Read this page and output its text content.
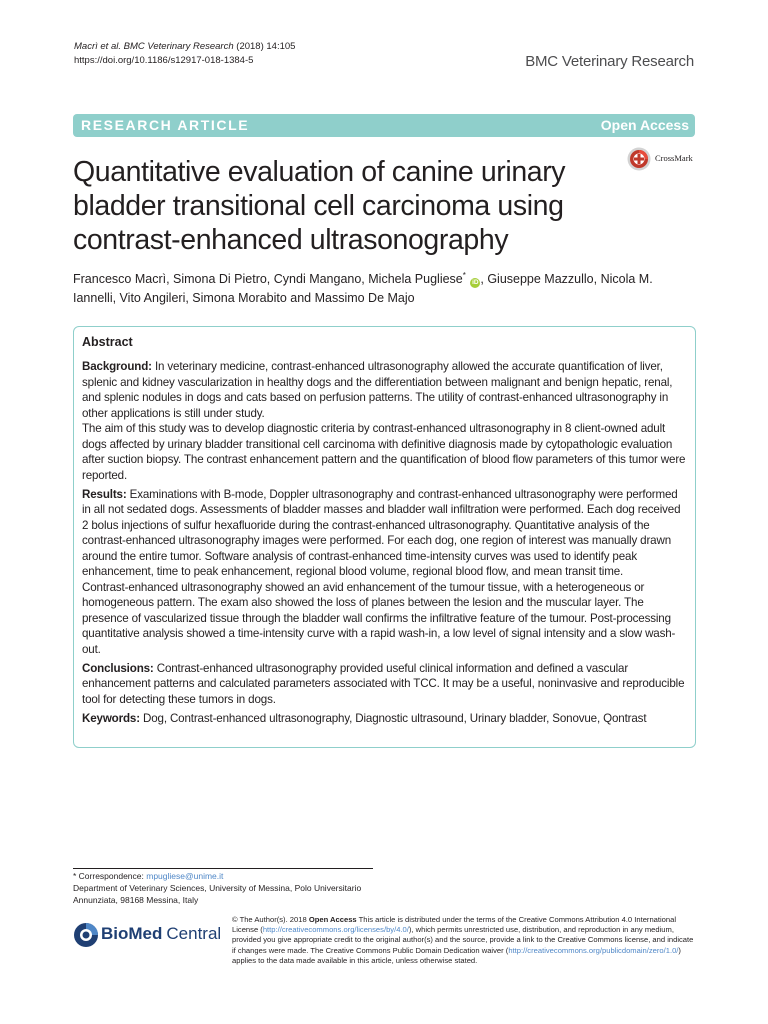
Macrì et al. BMC Veterinary Research (2018) 14:105
https://doi.org/10.1186/s12917-018-1384-5	BMC Veterinary Research
RESEARCH ARTICLE	Open Access
Quantitative evaluation of canine urinary bladder transitional cell carcinoma using contrast-enhanced ultrasonography
CrossMark
Francesco Macrì, Simona Di Pietro, Cyndi Mangano, Michela Pugliese* iD , Giuseppe Mazzullo, Nicola M. Iannelli, Vito Angileri, Simona Morabito and Massimo De Majo
Abstract

Background: In veterinary medicine, contrast-enhanced ultrasonography allowed the accurate quantification of liver, splenic and kidney vascularization in healthy dogs and the differentiation between malignant and benign hepatic, renal, and splenic nodules in dogs and cats based on perfusion patterns. The utility of contrast-enhanced ultrasonography in other applications is still under study.

The aim of this study was to develop diagnostic criteria by contrast-enhanced ultrasonography in 8 client-owned adult dogs affected by urinary bladder transitional cell carcinoma with definitive diagnosis made by cytopathologic evaluation after suction biopsy. The contrast enhancement pattern and the quantification of blood flow parameters of this tumor were reported.

Results: Examinations with B-mode, Doppler ultrasonography and contrast-enhanced ultrasonography were performed in all not sedated dogs. Assessments of bladder masses and bladder wall infiltration were performed. Each dog received 2 bolus injections of sulfur hexafluoride during the contrast-enhanced ultrasonography. Quantitative analysis of the contrast-enhanced ultrasonography images were performed. For each dog, one region of interest was manually drawn around the entire tumor. Software analysis of contrast-enhanced time-intensity curves was used to identify peak enhancement, time to peak enhancement, regional blood volume, regional blood flow, and mean transit time.

Contrast-enhanced ultrasonography showed an avid enhancement of the tumour tissue, with a heterogeneous or homogeneous pattern. The exam also showed the loss of planes between the lesion and the muscular layer. The presence of vascularized tissue through the bladder wall confirms the infiltrative feature of the tumour. Post-processing quantitative analysis showed a time-intensity curve with a rapid wash-in, a low level of signal intensity and a slow wash-out.

Conclusions: Contrast-enhanced ultrasonography provided useful clinical information and defined a vascular enhancement patterns and calculated parameters associated with TCC. It may be a useful, noninvasive and reproducible tool for detecting these tumors in dogs.

Keywords: Dog, Contrast-enhanced ultrasonography, Diagnostic ultrasound, Urinary bladder, Sonovue, Qontrast

* Correspondence: mpugliese@unime.it
Department of Veterinary Sciences, University of Messina, Polo Universitario
Annunziata, 98168 Messina, Italy
BioMed Central
© The Author(s). 2018 Open Access This article is distributed under the terms of the Creative Commons Attribution 4.0 International License (http://creativecommons.org/licenses/by/4.0/), which permits unrestricted use, distribution, and reproduction in any medium, provided you give appropriate credit to the original author(s) and the source, provide a link to the Creative Commons license, and indicate if changes were made. The Creative Commons Public Domain Dedication waiver (http://creativecommons.org/publicdomain/zero/1.0/) applies to the data made available in this article, unless otherwise stated.
